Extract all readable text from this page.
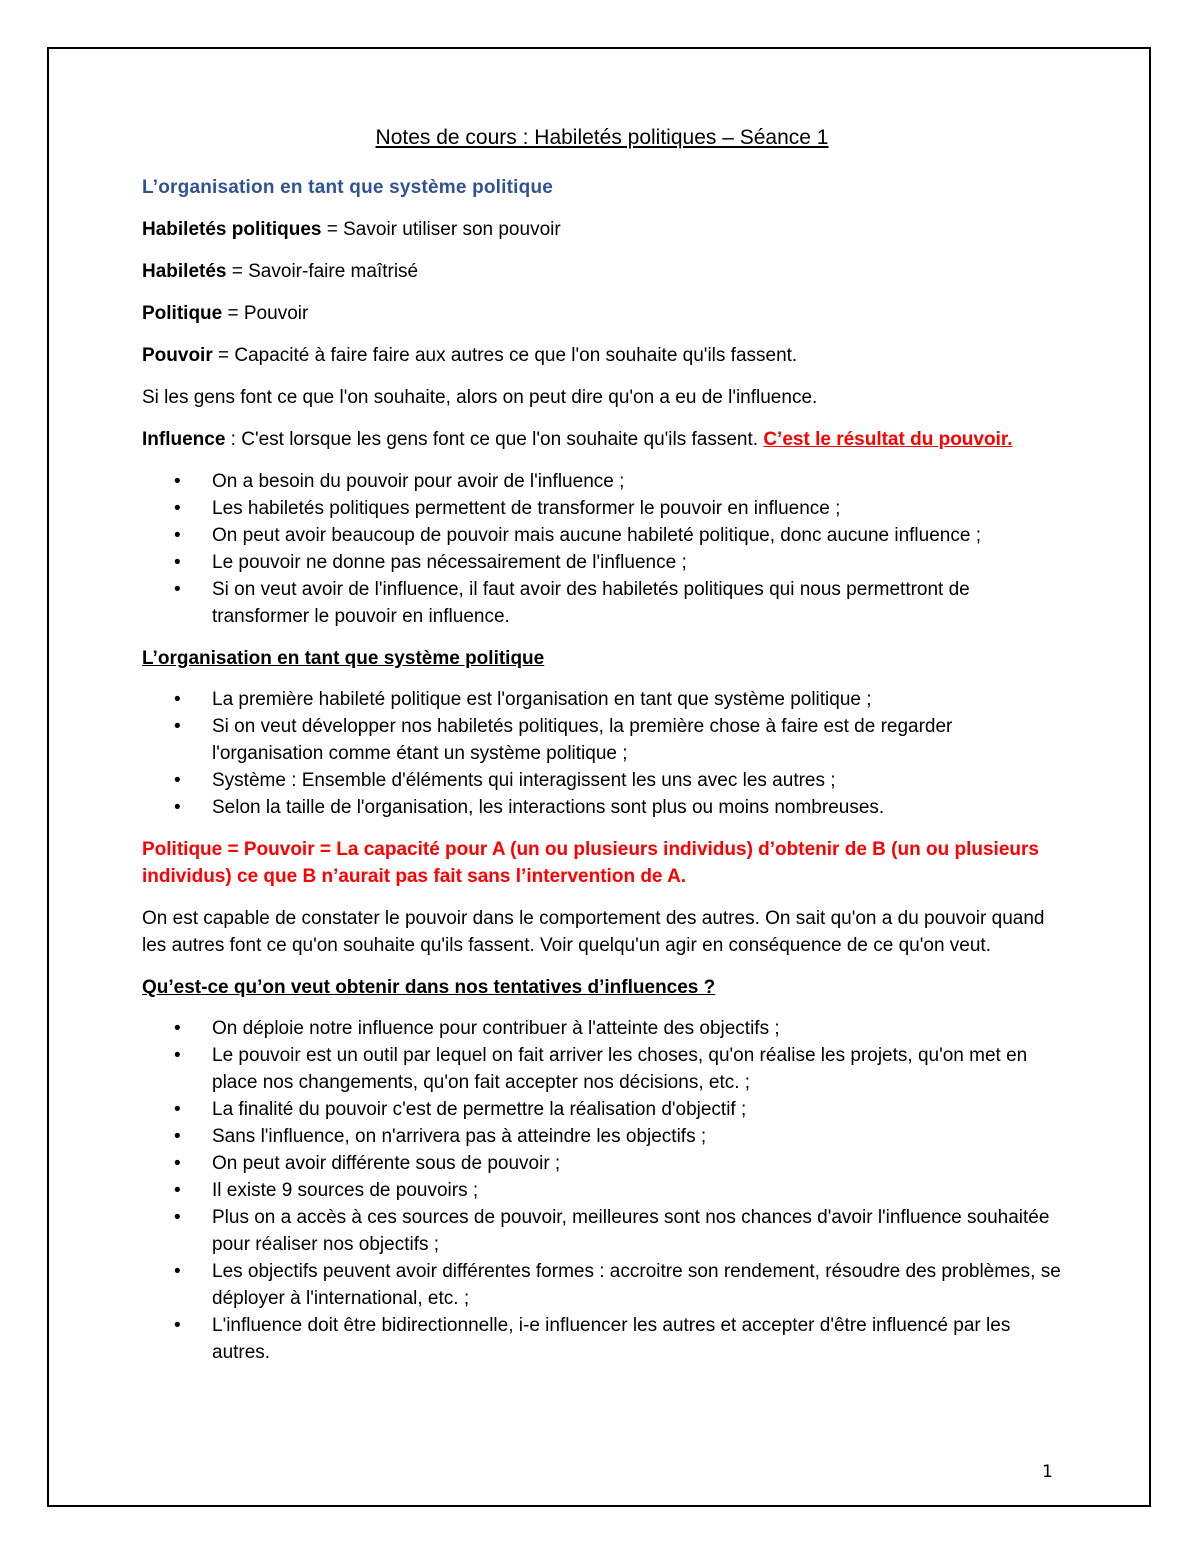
Notes de cours : Habiletés politiques – Séance 1
L’organisation en tant que système politique
Habiletés politiques = Savoir utiliser son pouvoir
Habiletés = Savoir-faire maîtrisé
Politique = Pouvoir
Pouvoir = Capacité à faire faire aux autres ce que l'on souhaite qu'ils fassent.
Si les gens font ce que l'on souhaite, alors on peut dire qu'on a eu de l'influence.
Influence : C'est lorsque les gens font ce que l'on souhaite qu'ils fassent. C’est le résultat du pouvoir.
• On a besoin du pouvoir pour avoir de l'influence ;
• Les habiletés politiques permettent de transformer le pouvoir en influence ;
• On peut avoir beaucoup de pouvoir mais aucune habileté politique, donc aucune influence ;
• Le pouvoir ne donne pas nécessairement de l'influence ;
• Si on veut avoir de l'influence, il faut avoir des habiletés politiques qui nous permettront de transformer le pouvoir en influence.
L’organisation en tant que système politique
• La première habileté politique est l'organisation en tant que système politique ;
• Si on veut développer nos habiletés politiques, la première chose à faire est de regarder l'organisation comme étant un système politique ;
• Système : Ensemble d'éléments qui interagissent les uns avec les autres ;
• Selon la taille de l'organisation, les interactions sont plus ou moins nombreuses.
Politique = Pouvoir = La capacité pour A (un ou plusieurs individus) d’obtenir de B (un ou plusieurs individus) ce que B n’aurait pas fait sans l’intervention de A.
On est capable de constater le pouvoir dans le comportement des autres. On sait qu'on a du pouvoir quand les autres font ce qu'on souhaite qu'ils fassent. Voir quelqu'un agir en conséquence de ce qu'on veut.
Qu’est-ce qu’on veut obtenir dans nos tentatives d’influences ?
• On déploie notre influence pour contribuer à l'atteinte des objectifs ;
• Le pouvoir est un outil par lequel on fait arriver les choses, qu'on réalise les projets, qu'on met en place nos changements, qu'on fait accepter nos décisions, etc. ;
• La finalité du pouvoir c'est de permettre la réalisation d'objectif ;
• Sans l'influence, on n'arrivera pas à atteindre les objectifs ;
• On peut avoir différente sous de pouvoir ;
• Il existe 9 sources de pouvoirs ;
• Plus on a accès à ces sources de pouvoir, meilleures sont nos chances d'avoir l'influence souhaitée pour réaliser nos objectifs ;
• Les objectifs peuvent avoir différentes formes : accroitre son rendement, résoudre des problèmes, se déployer à l'international, etc. ;
• L'influence doit être bidirectionnelle, i-e influencer les autres et accepter d'être influencé par les autres.
1
